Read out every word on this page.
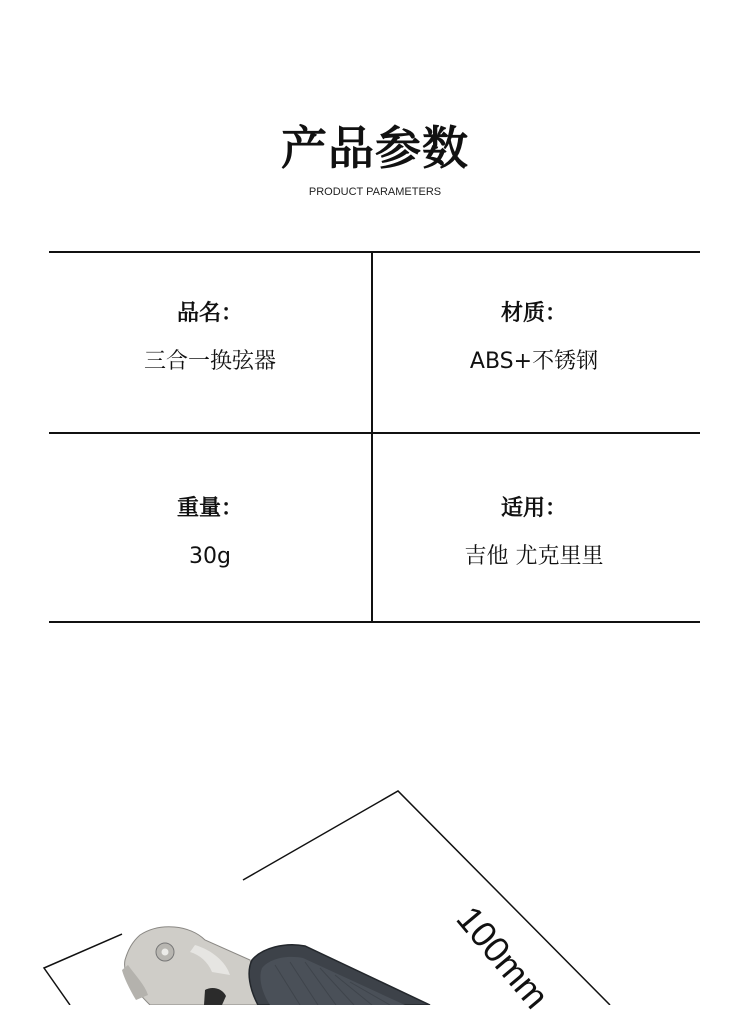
产品参数
PRODUCT PARAMETERS
品名：
三合一换弦器
材质：
ABS+不锈钢
重量：
30g
适用：
吉他 尤克里里
100mm
